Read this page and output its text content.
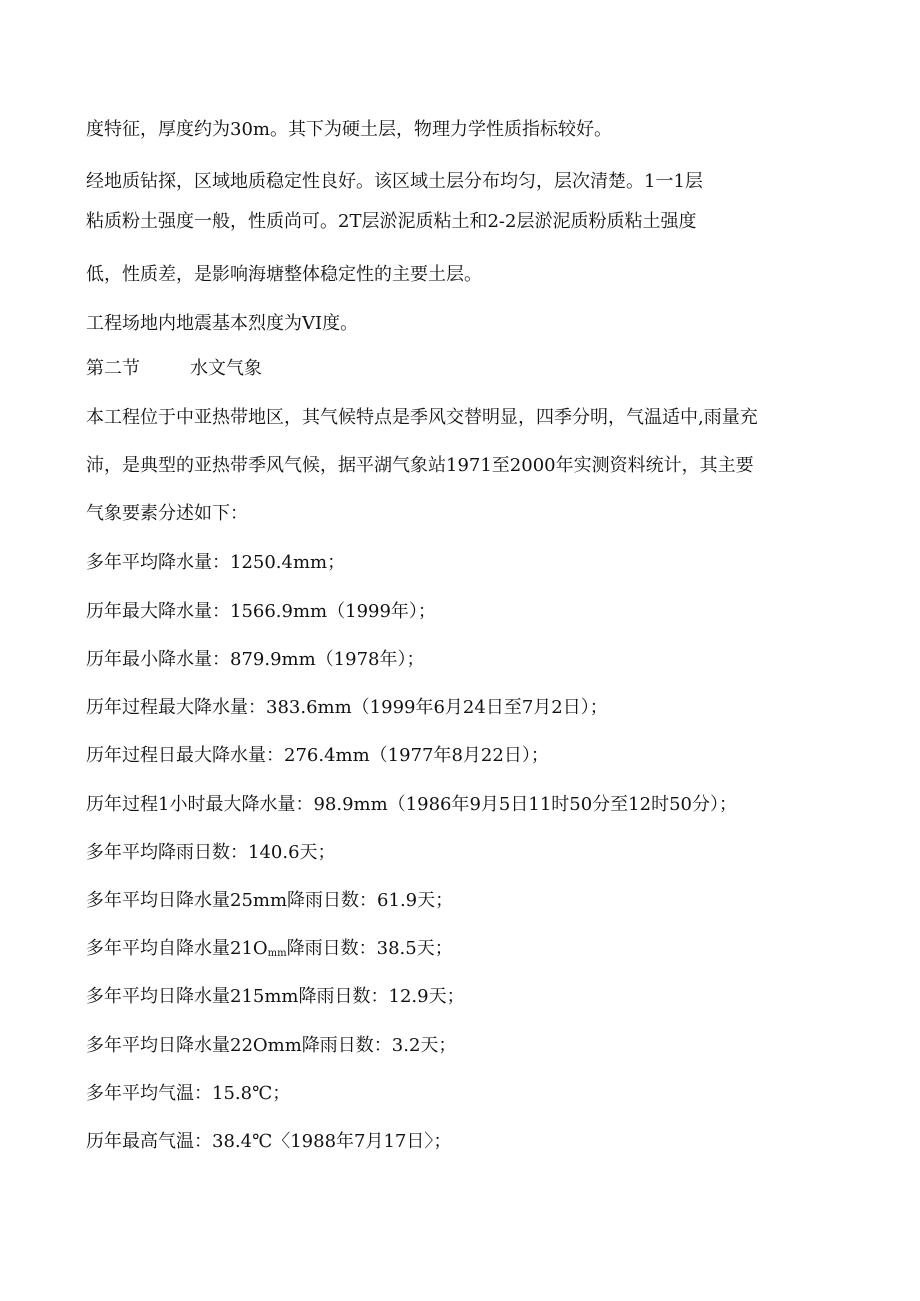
度特征，厚度约为30m。其下为硬土层，物理力学性质指标较好。
经地质钻探，区域地质稳定性良好。该区域土层分布均匀，层次清楚。1一1层
粘质粉土强度一般，性质尚可。2T层淤泥质粘土和2-2层淤泥质粉质粘土强度
低，性质差，是影响海塘整体稳定性的主要土层。
工程场地内地震基本烈度为VI度。
第二节	水文气象
本工程位于中亚热带地区，其气候特点是季风交替明显，四季分明，气温适中,雨量充
沛，是典型的亚热带季风气候，据平湖气象站1971至2000年实测资料统计，其主要
气象要素分述如下：
多年平均降水量：1250.4mm；
历年最大降水量：1566.9mm（1999年）；
历年最小降水量：879.9mm（1978年）；
历年过程最大降水量：383.6mm（1999年6月24日至7月2日）；
历年过程日最大降水量：276.4mm（1977年8月22日）；
历年过程1小时最大降水量：98.9mm（1986年9月5日11时50分至12时50分）；
多年平均降雨日数：140.6天；
多年平均日降水量25mm降雨日数：61.9天；
多年平均自降水量$21O_{mm}$降雨日数：38.5天；
多年平均日降水量215mm降雨日数：12.9天；
多年平均日降水量22Omm降雨日数：3.2天；
多年平均气温：15.8℃；
历年最高气温：38.4℃〈1988年7月17日〉；
